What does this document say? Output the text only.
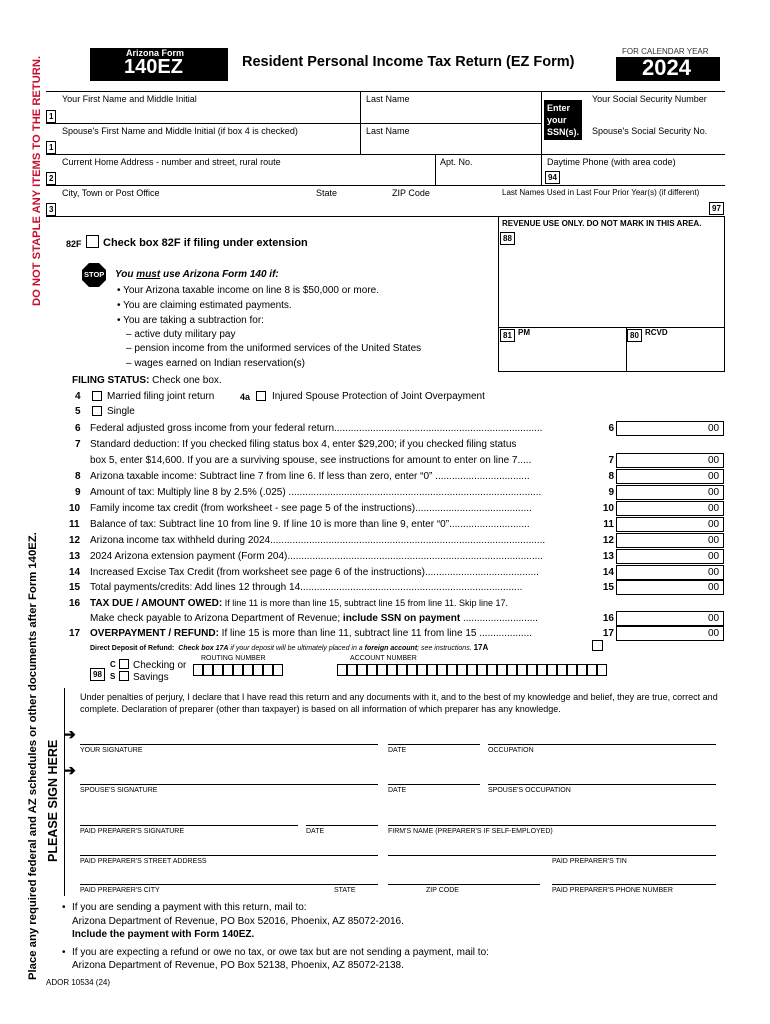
DO NOT STAPLE ANY ITEMS TO THE RETURN.
Place any required federal and AZ schedules or other documents after Form 140EZ. PLEASE SIGN HERE
Arizona Form
140EZ	Resident Personal Income Tax Return (EZ Form)
FOR CALENDAR YEAR
2024
Your First Name and Middle Initial
1
Last Name
Enter
your
SSN(s).
Your Social Security Number
Spouse's First Name and Middle Initial (if box 4 is checked)
1
Last Name	Spouse's Social Security No.
Current Home Address - number and street, rural route
2
Apt. No.	Daytime Phone (with area code)
94
City, Town or Post Office
3
State	ZIP Code	Last Names Used in Last Four Prior Year(s) (if different)
97
82F Check box 82F if filing under extension
REVENUE USE ONLY. DO NOT MARK IN THIS AREA.
88
81 PM	80 RCVD
STOP You must use Arizona Form 140 if:
• Your Arizona taxable income on line 8 is $50,000 or more.
• You are claiming estimated payments.
• You are taking a subtraction for:
– active duty military pay
– pension income from the uniformed services of the United States
– wages earned on Indian reservation(s)
FILING STATUS: Check one box.
4	Married filing joint return	4a Injured Spouse Protection of Joint Overpayment
5	Single
6 Federal adjusted gross income from your federal return...........................................................................	6	00
7 Standard deduction: If you checked filing status box 4, enter $29,200; if you checked filing status
box 5, enter $14,600. If you are a surviving spouse, see instructions for amount to enter on line 7.....	7	00
8 Arizona taxable income: Subtract line 7 from line 6. If less than zero, enter “0” ..................................	8	00
9 Amount of tax: Multiply line 8 by 2.5% (.025) ...........................................................................................	9	00
10 Family income tax credit (from worksheet - see page 5 of the instructions)..........................................	10	00
11 Balance of tax: Subtract line 10 from line 9. If line 10 is more than line 9, enter “0”.............................	11	00
12 Arizona income tax withheld during 2024...................................................................................................	12	00
13 2024 Arizona extension payment (Form 204)............................................................................................	13	00
14 Increased Excise Tax Credit (from worksheet see page 6 of the instructions).........................................	14	00
15 Total payments/credits: Add lines 12 through 14................................................................................	15	00
16 TAX DUE / AMOUNT OWED: If line 11 is more than line 15, subtract line 15 from line 11. Skip line 17.
Make check payable to Arizona Department of Revenue; include SSN on payment ...........................	16	00
17 OVERPAYMENT / REFUND: If line 15 is more than line 11, subtract line 11 from line 15 ...................	17	00
Direct Deposit of Refund: Check box 17A if your deposit will be ultimately placed in a foreign account; see instructions. 17A
98
C Checking or
S Savings
ROUTING NUMBER	ACCOUNT NUMBER
Under penalties of perjury, I declare that I have read this return and any documents with it, and to the best of my knowledge and belief, they are true, correct and complete. Declaration of preparer (other than taxpayer) is based on all information of which preparer has any knowledge.
➔
YOUR SIGNATURE	DATE	OCCUPATION
➔
SPOUSE'S SIGNATURE	DATE	SPOUSE'S OCCUPATION
PAID PREPARER'S SIGNATURE	DATE	FIRM'S NAME (PREPARER'S IF SELF-EMPLOYED)
PAID PREPARER'S STREET ADDRESS	PAID PREPARER'S TIN
PAID PREPARER'S CITY	STATE	ZIP CODE	PAID PREPARER'S PHONE NUMBER
• If you are sending a payment with this return, mail to:
Arizona Department of Revenue, PO Box 52016, Phoenix, AZ 85072-2016.
Include the payment with Form 140EZ.
• If you are expecting a refund or owe no tax, or owe tax but are not sending a payment, mail to:
Arizona Department of Revenue, PO Box 52138, Phoenix, AZ 85072-2138.
ADOR 10534 (24)
